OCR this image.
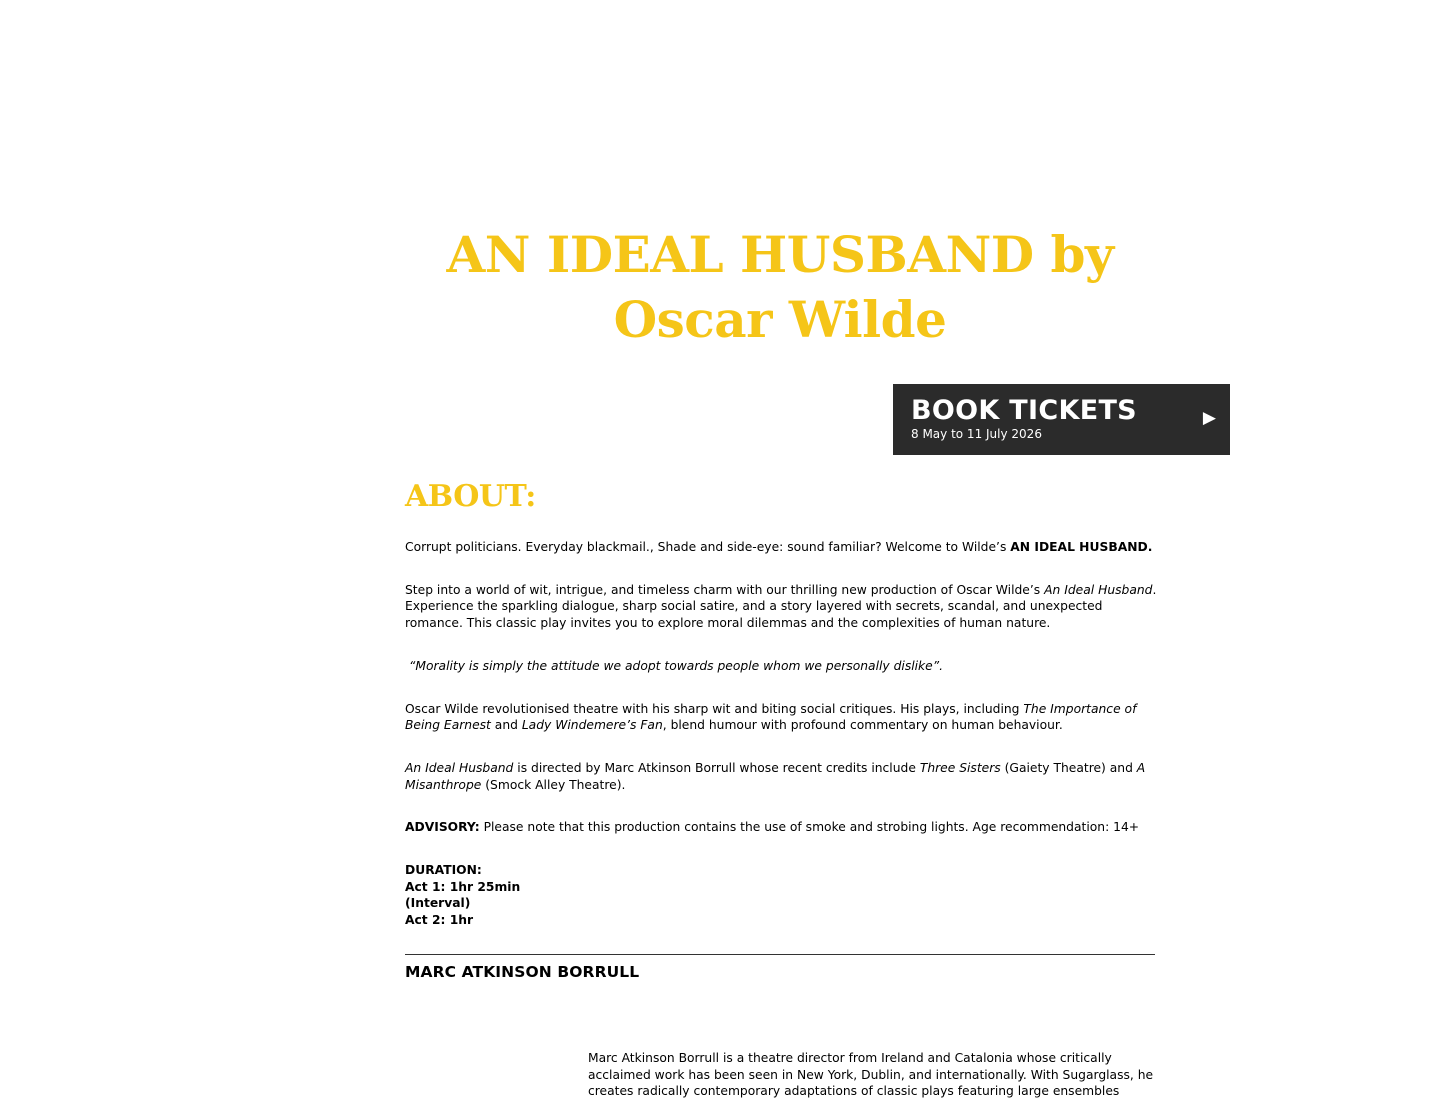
AN IDEAL HUSBAND by
Oscar Wilde
BOOK TICKETS
8 May to 11 July 2026
▶
ABOUT:

Corrupt politicians. Everyday blackmail., Shade and side-eye: sound familiar? Welcome to Wilde’s AN IDEAL HUSBAND.

Step into a world of wit, intrigue, and timeless charm with our thrilling new production of Oscar Wilde’s An Ideal Husband. Experience the sparkling dialogue, sharp social satire, and a story layered with secrets, scandal, and unexpected romance. This classic play invites you to explore moral dilemmas and the complexities of human nature.

“Morality is simply the attitude we adopt towards people whom we personally dislike”.

Oscar Wilde revolutionised theatre with his sharp wit and biting social critiques. His plays, including The Importance of Being Earnest and Lady Windemere’s Fan, blend humour with profound commentary on human behaviour.

An Ideal Husband is directed by Marc Atkinson Borrull whose recent credits include Three Sisters (Gaiety Theatre) and A Misanthrope (Smock Alley Theatre).

ADVISORY: Please note that this production contains the use of smoke and strobing lights. Age recommendation: 14+

DURATION:
Act 1: 1hr 25min
(Interval)
Act 2: 1hr
MARC ATKINSON BORRULL

Marc Atkinson Borrull is a theatre director from Ireland and Catalonia whose critically acclaimed work has been seen in New York, Dublin, and internationally. With Sugarglass, he creates radically contemporary adaptations of classic plays featuring large ensembles
